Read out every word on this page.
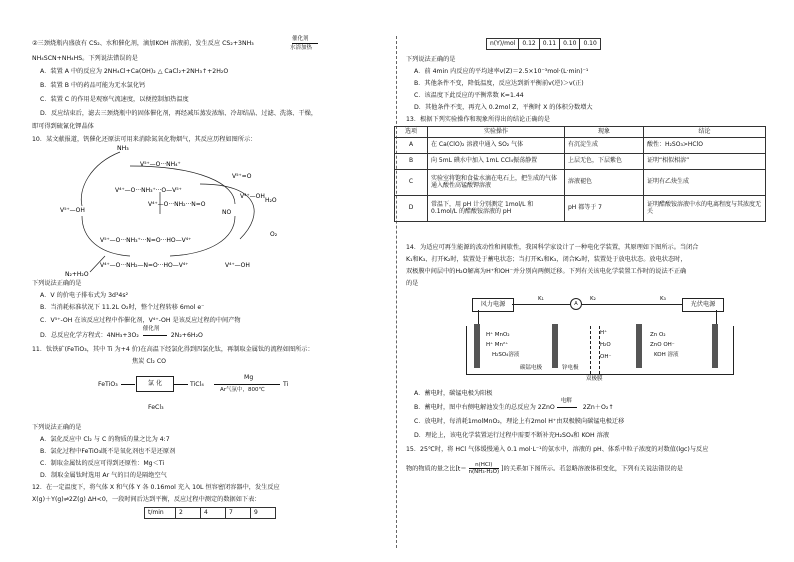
②三颈烧瓶内盛放有 CS₂、水和催化剂，滴加KOH 溶液前，发生反应 CS₂+3NH₃
催化剂
水浴加热
NH₄SCN+NH₄HS。下列说法错误的是
A．装置 A 中的反应为 2NH₄Cl+Ca(OH)₂ △ CaCl₂+2NH₃↑+2H₂O
B．装置 B 中的药品可能为无水氯化钙
C．装置 C 的作用是观察气流速度，以便控制加热温度
D．反应结束后，滤去三颈烧瓶中的固体催化剂，再经减压蒸发浓缩、冷却结晶、过滤、洗涤、干燥，
即可得到硫氰化钾晶体
10．某文献报道，钒催化还原法可用来消除氮氧化物烟气，其反应历程如图所示：
NH₃
V⁵⁺—O···NH₄⁺
V⁴⁺—O···NH₃⁺···O—V⁵⁺
V⁵⁺=O
V⁵⁺—OH
V⁴⁺—O···NH₂···N=O
V⁴⁺—OH
V⁵⁺—O···NH₃⁺···N=O···HO—V⁴⁺
V⁴⁺—O···NH₂—N=O···HO—V⁴⁺	V⁴⁺—OH
NO
H₂O
O₂
N₂+H₂O
下列说法正确的是
A．V 的价电子排布式为 3d³4s²
B．当消耗标准状况下 11.2L O₂时，整个过程转移 6mol e⁻
C．V⁵⁺-OH 在该反应过程中作催化剂，V⁴⁺-OH 是该反应过程的中间产物
D．总反应化学方程式：4NH₃+3O₂
催化剂
2N₂+6H₂O
11．钛铁矿(FeTiO₃，其中 Ti 为+4 价)在高温下经氯化得到四氯化钛，再制取金属钛的流程如图所示：
焦炭 Cl₂ CO
FeTiO₃	氯 化	TiCl₄
Mg
Ar气氛中，800℃
Ti
FeCl₃
下列说法正确的是
A．氯化反应中 Cl₂ 与 C 的物质的量之比为 4:7
B．氯化过程中FeTiO₃既不是氧化剂也不是还原剂
C．制取金属钛的反应可得到还原性：Mg＜Ti
D．制取金属钛时选用 Ar 气的目的是隔绝空气
12．在一定温度下，将气体 X 和气体 Y 各 0.16mol 充入 10L 恒容密闭容器中，发生反应
X(g)＋Y(g)⇌2Z(g) ΔH<0，一段时间后达到平衡，反应过程中测定的数据如下表：
t/min	2	4	7	9
n(Y)/mol	0.12	0.11	0.10	0.10
下列说法正确的是
A．前 4min 内反应的平均速率v(Z)＝2.5×10⁻³mol·(L·min)⁻¹
B．其他条件不变，降低温度，反应达到新平衡前v(逆)＞v(正)
C．该温度下此反应的平衡常数 K=1.44
D．其他条件不变，再充入 0.2mol Z，平衡时 X 的体积分数增大
13．根据下列实验操作和现象所得出的结论正确的是
选项	实验操作	现象	结论
A	在 Ca(ClO)₂ 溶液中通入 SO₂ 气体	有沉淀生成	酸性：H₂SO₃>HClO
B	向 5mL 碘水中加入 1mL CCl₄振荡静置	上层无色，下层紫色	证明“相似相溶”
C	实验室将饱和食盐水滴在电石上，把生成的气体通入酸性高锰酸钾溶液	溶液褪色	证明有乙炔生成
D	常温下，用 pH 计分别测定 1mol/L 和 0.1mol/L 的醋酸铵溶液的 pH	pH 都等于 7	证明醋酸铵溶液中水的电离程度与其浓度无关
14．为适应可再生能源的波动性和间歇性，我国科学家设计了一种电化学装置，其原理如下图所示。当闭合
K₁和K₃、打开K₂时，装置处于蓄电状态；当打开K₁和K₃，闭合K₂时，装置处于放电状态。放电状态时，
双极膜中间层中的H₂O解离为H⁺和OH⁻并分别向两侧迁移。下列有关该电化学装置工作时的说法不正确
的是
风力电源	光伏电源
K₁	K₃
A
K₂
H⁺ MnO₂
H⁺ Mn²⁺
H₂SO₄溶液
H⁺
H₂O
OH⁻
Zn O₂
ZnO OH⁻
KOH 溶液
碳锰电极	锌电极
双极膜
A．蓄电时，碳锰电极为阳极
B．蓄电时，图中右侧电解池发生的总反应为 2ZnO
电解
2Zn＋O₂↑
C．放电时，每消耗1molMnO₂，理论上有2mol H⁺由双极膜向碳锰电极迁移
D．理论上，该电化学装置运行过程中需要不断补充H₂SO₄和 KOH 溶液
15．25℃时，将 HCl 气体缓慢通入 0.1 mol·L⁻¹的氨水中，溶液的 pH、体系中粒子浓度的对数值(lgc)与反应
物的物质的量之比[t＝
n(HCl)
n(NH₃·H₂O) ]的关系如下图所示。若忽略溶液体积变化，下列有关说法错误的是
